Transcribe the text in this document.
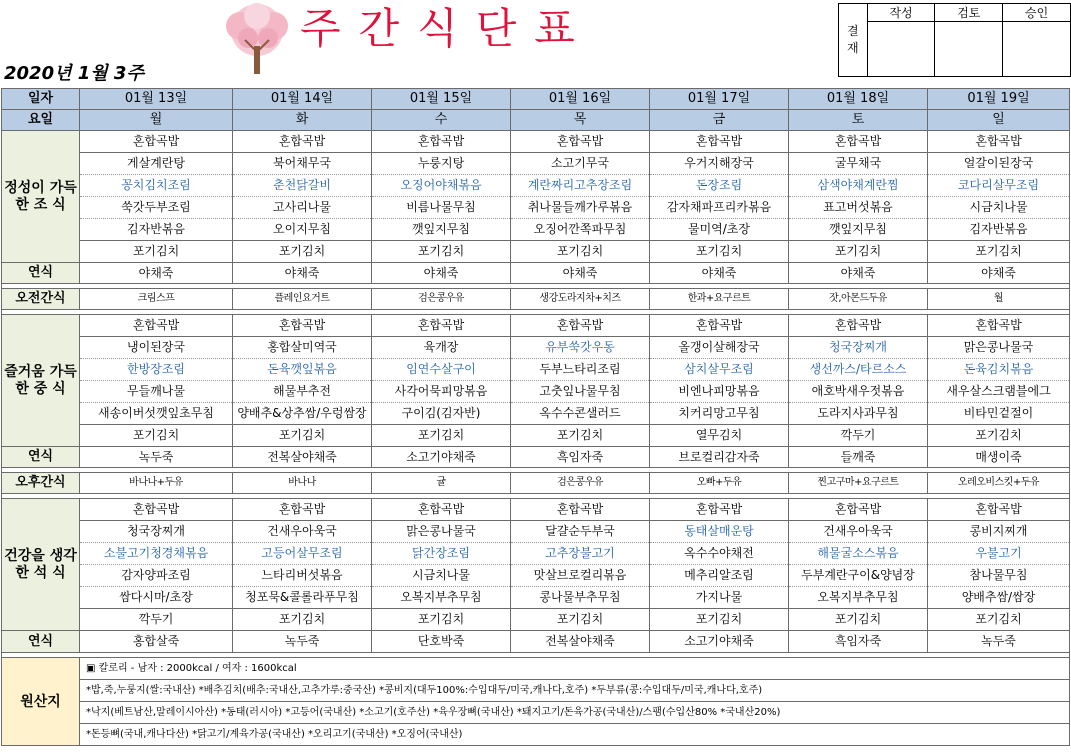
주간식단표
2020년 1월 3주
결
재	작성	검토	승인

일자	01월 13일	01월 14일	01월 15일	01월 16일	01월 17일	01월 18일	01월 19일
요일	월	화	수	목	금	토	일
정성이 가득한 조 식	혼합곡밥	혼합곡밥	혼합곡밥	혼합곡밥	혼합곡밥	혼합곡밥	혼합곡밥
	게살계란탕	북어채무국	누룽지탕	소고기무국	우거지해장국	굴무채국	얼갈이된장국
	꽁치김치조림	춘천닭갈비	오징어야채볶음	계란짜리고추장조림	돈장조림	삼색야채계란찜	코다리살무조림
	쑥갓두부조림	고사리나물	비름나물무침	취나물들깨가루볶음	감자채파프리카볶음	표고버섯볶음	시금치나물
	김자반볶음	오이지무침	깻잎지무침	오징어깐쪽파무침	물미역/초장	깻잎지무침	김자반볶음
	포기김치	포기김치	포기김치	포기김치	포기김치	포기김치	포기김치
연식	야채죽	야채죽	야채죽	야채죽	야채죽	야채죽	야채죽

오전간식	크림스프	플레인요거트	검은콩우유	생강도라지차+치즈	한과+요구르트	잣,아몬드두유	월

즐거움 가득한 중 식	혼합곡밥	혼합곡밥	혼합곡밥	혼합곡밥	혼합곡밥	혼합곡밥	혼합곡밥
	냉이된장국	홍합살미역국	육개장	유부쑥갓우동	올갱이살해장국	청국장찌개	맑은콩나물국
	한방장조림	돈육깻잎볶음	임연수살구이	두부느타리조림	삼치살무조림	생선까스/타르소스	돈육김치볶음
	무들깨나물	해물부추전	사각어묵피망볶음	고춧잎나물무침	비엔나피망볶음	애호박새우젓볶음	새우살스크램블에그
	새송이버섯깻잎초무침	양배추&상추쌈/우렁쌈장	구이김(김자반)	옥수수콘샐러드	치커리망고무침	도라지사과무침	비타민겉절이
	포기김치	포기김치	포기김치	포기김치	열무김치	깍두기	포기김치
연식	녹두죽	전복살야채죽	소고기야채죽	흑임자죽	브로컬리감자죽	들깨죽	매생이죽

오후간식	바나나+두유	바나나	귤	검은콩우유	오빠+두유	찐고구마+요구르트	오레오비스킷+두유

건강을 생각한 석 식	혼합곡밥	혼합곡밥	혼합곡밥	혼합곡밥	혼합곡밥	혼합곡밥	혼합곡밥
	청국장찌개	건새우아욱국	맑은콩나물국	달걀순두부국	동태살매운탕	건새우아욱국	콩비지찌개
	소불고기청경채볶음	고등어살무조림	닭간장조림	고추장불고기	옥수수야채전	해물굴소스볶음	우불고기
	감자양파조림	느타리버섯볶음	시금치나물	맛살브로컬리볶음	메추리알조림	두부계란구이&양념장	참나물무침
	쌈다시마/초장	청포묵&콜롤라푸무침	오복지부추무침	콩나물부추무침	가지나물	오복지부추무침	양배추쌈/쌈장
	깍두기	포기김치	포기김치	포기김치	포기김치	포기김치	포기김치
연식	홍합살죽	녹두죽	단호박죽	전복살야채죽	소고기야채죽	흑임자죽	녹두죽

원산지	▣ 칼로리 - 남자 : 2000kcal / 여자 : 1600kcal						
	*밥,죽,누룽지(쌀:국내산) *배추김치(배추:국내산,고추가루:중국산) *콩비지(대두100%:수입대두/미국,캐나다,호주) *두부류(콩:수입대두/미국,캐나다,호주)						
	*낙지(베트남산,말레이시아산) *동태(러시아) *고등어(국내산) *소고기(호주산) *육우장뼈(국내산) *돼지고기/돈육가공(국내산)/스팸(수입산80% *국내산20%)						
	*돈등뼈(국내,캐나다산) *닭고기/계육가공(국내산) *오리고기(국내산) *오징어(국내산)						
